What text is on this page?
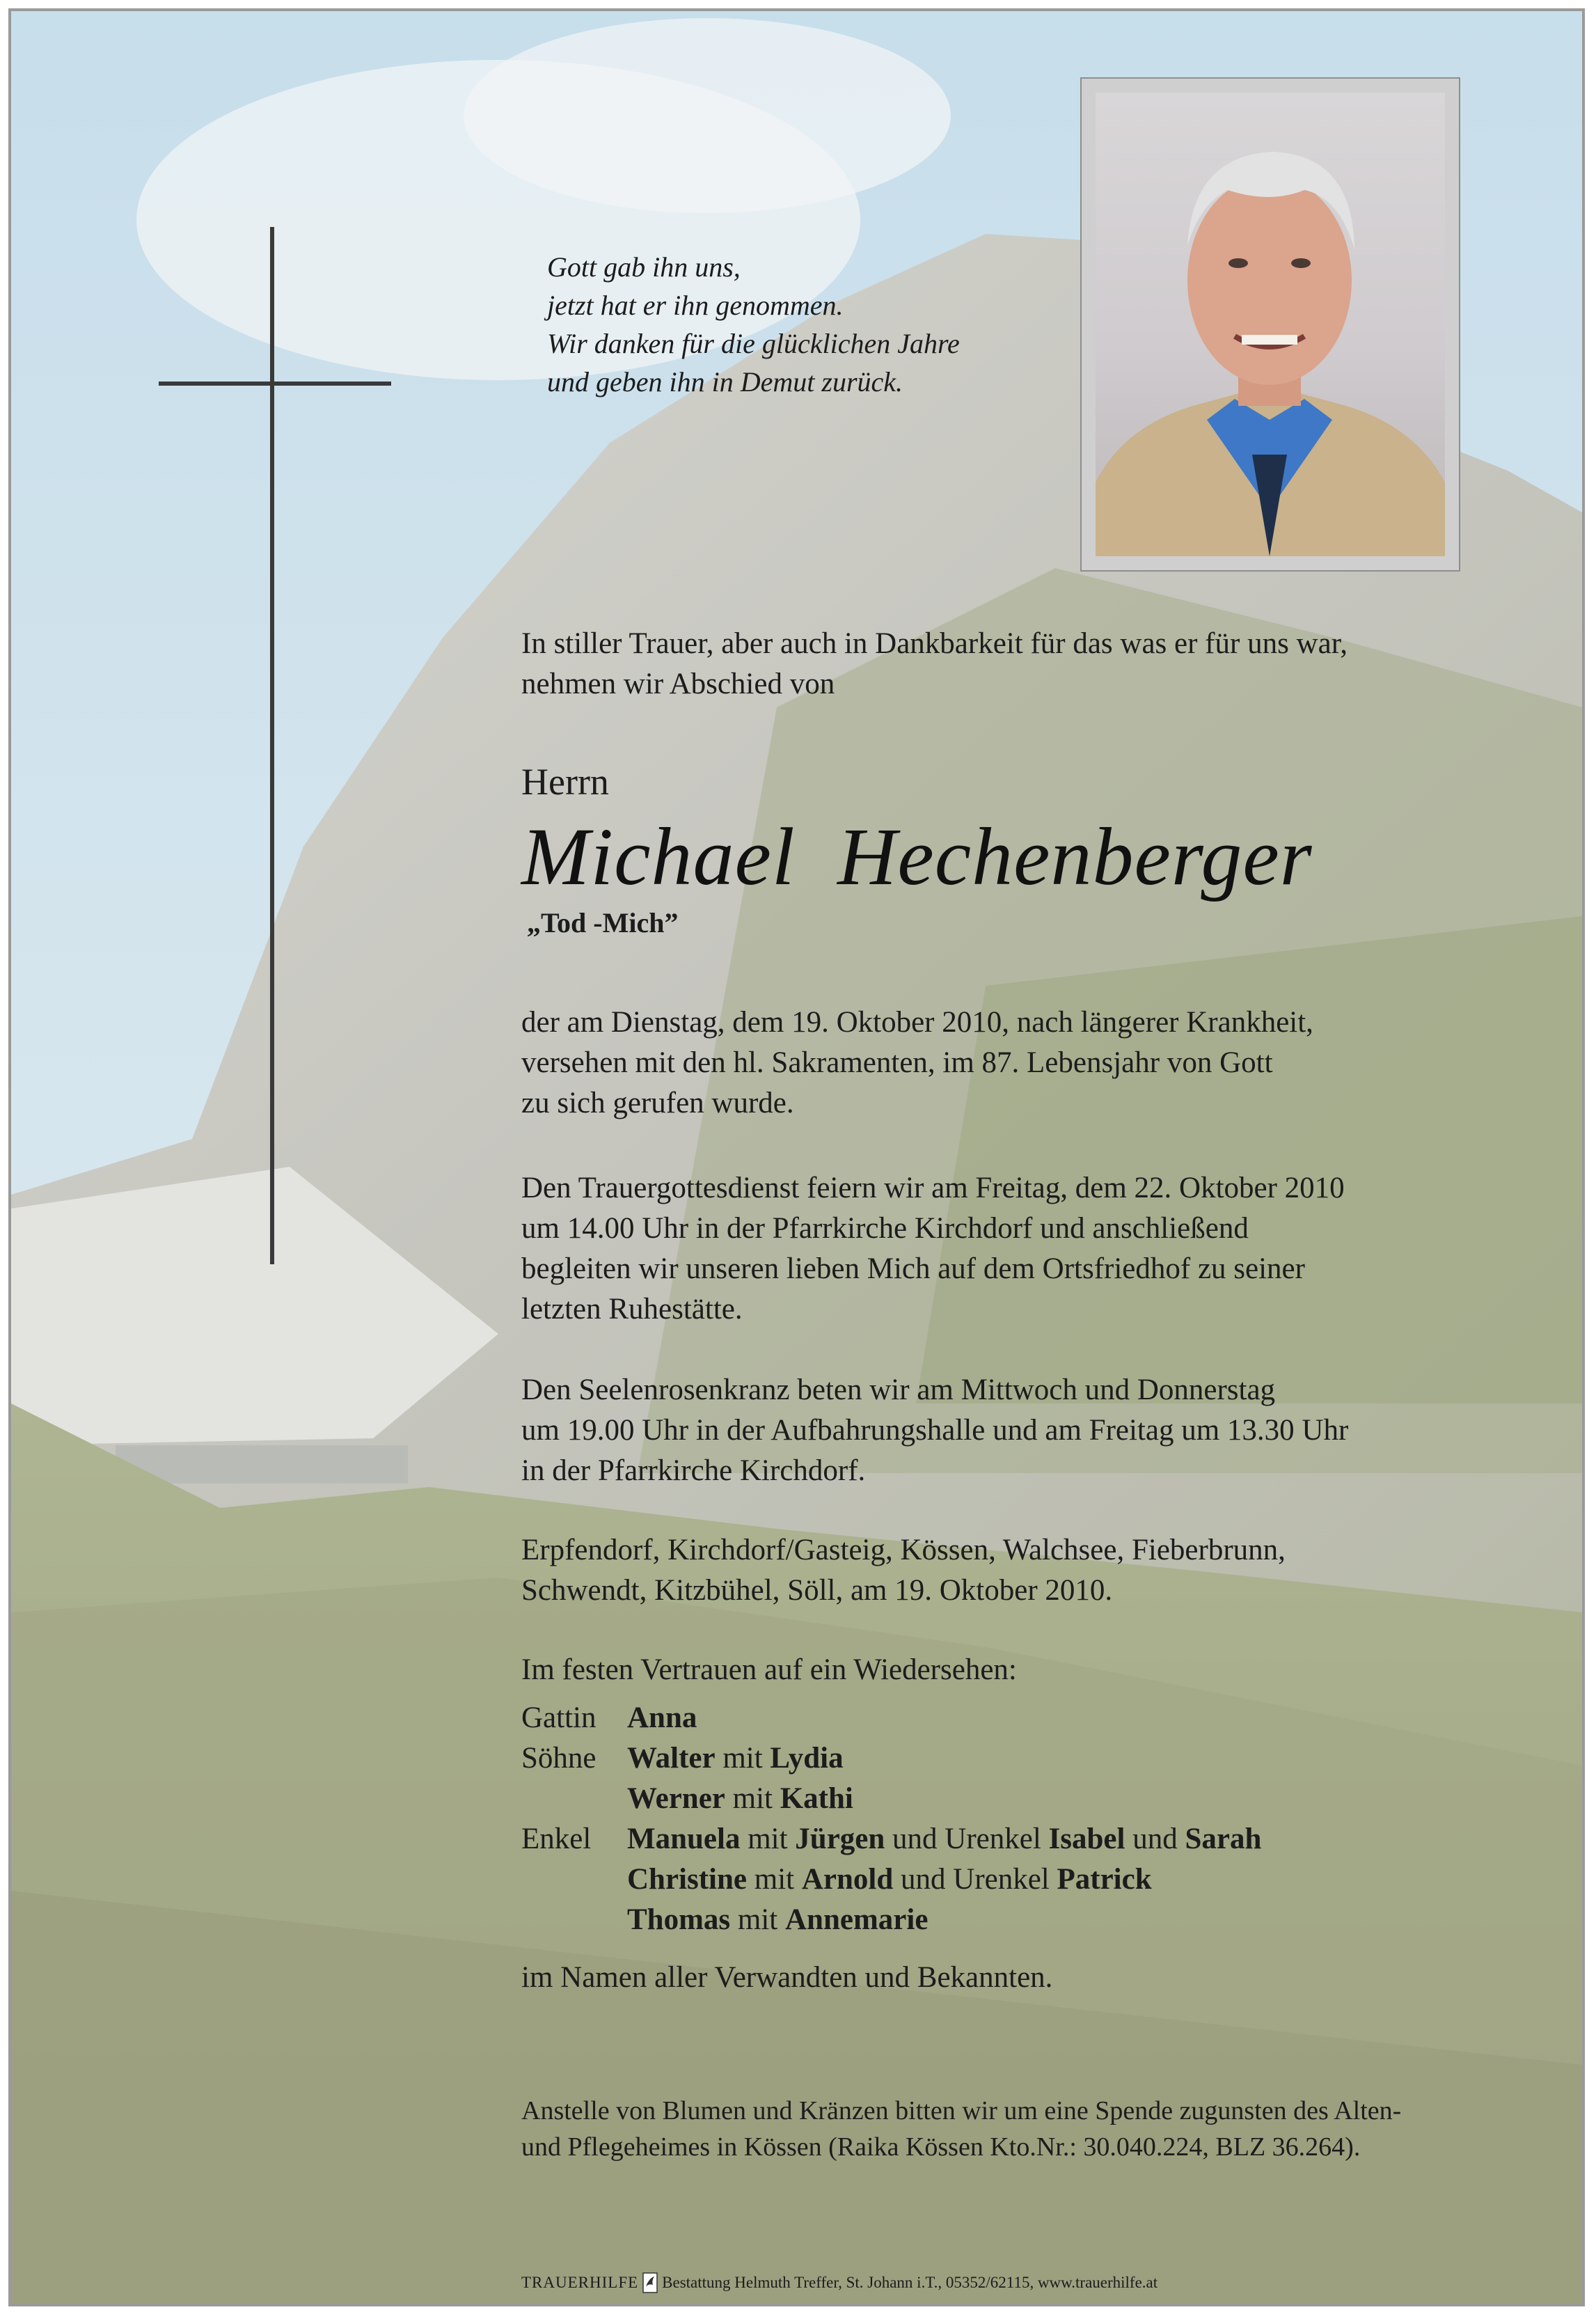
Gott gab ihn uns,
jetzt hat er ihn genommen.
Wir danken für die glücklichen Jahre
und geben ihn in Demut zurück.
In stiller Trauer, aber auch in Dankbarkeit für das was er für uns war,
nehmen wir Abschied von
Herrn
Michael Hechenberger
„Tod -Mich”
der am Dienstag, dem 19. Oktober 2010, nach längerer Krankheit,
versehen mit den hl. Sakramenten, im 87. Lebensjahr von Gott
zu sich gerufen wurde.
Den Trauergottesdienst feiern wir am Freitag, dem 22. Oktober 2010
um 14.00 Uhr in der Pfarrkirche Kirchdorf und anschließend
begleiten wir unseren lieben Mich auf dem Ortsfriedhof zu seiner
letzten Ruhestätte.
Den Seelenrosenkranz beten wir am Mittwoch und Donnerstag
um 19.00 Uhr in der Aufbahrungshalle und am Freitag um 13.30 Uhr
in der Pfarrkirche Kirchdorf.
Erpfendorf, Kirchdorf/Gasteig, Kössen, Walchsee, Fieberbrunn,
Schwendt, Kitzbühel, Söll, am 19. Oktober 2010.
Im festen Vertrauen auf ein Wiedersehen:
Gattin	Anna
Söhne	Walter mit Lydia
Werner mit Kathi
Enkel	Manuela mit Jürgen und Urenkel Isabel und Sarah
Christine mit Arnold und Urenkel Patrick
Thomas mit Annemarie
im Namen aller Verwandten und Bekannten.
Anstelle von Blumen und Kränzen bitten wir um eine Spende zugunsten des Alten-
und Pflegeheimes in Kössen (Raika Kössen Kto.Nr.: 30.040.224, BLZ 36.264).
TRAUERHILFE Bestattung Helmuth Treffer, St. Johann i.T., 05352/62115, www.trauerhilfe.at
